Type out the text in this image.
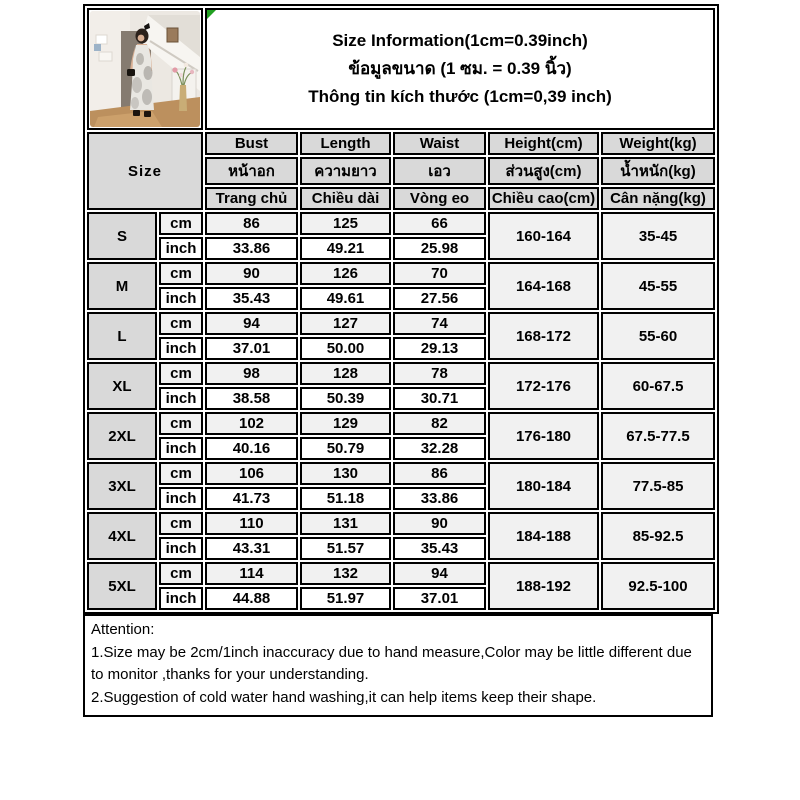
Size Information(1cm=0.39inch)
ข้อมูลขนาด (1 ซม. = 0.39 นิ้ว)
Thông tin kích thước (1cm=0,39 inch)				

Size		Bust	Length	Waist	Height(cm)	Weight(kg)
		หน้าอก	ความยาว	เอว	ส่วนสูง(cm)	น้ำหนัก(kg)
		Trang chủ	Chiều dài	Vòng eo	Chiều cao(cm)	Cân nặng(kg)
S	cm	86	125	66	160-164	35-45
	inch	33.86	49.21	25.98		
M	cm	90	126	70	164-168	45-55
	inch	35.43	49.61	27.56		
L	cm	94	127	74	168-172	55-60
	inch	37.01	50.00	29.13		
XL	cm	98	128	78	172-176	60-67.5
	inch	38.58	50.39	30.71		
2XL	cm	102	129	82	176-180	67.5-77.5
	inch	40.16	50.79	32.28		
3XL	cm	106	130	86	180-184	77.5-85
	inch	41.73	51.18	33.86		
4XL	cm	110	131	90	184-188	85-92.5
	inch	43.31	51.57	35.43		
5XL	cm	114	132	94	188-192	92.5-100
	inch	44.88	51.97	37.01		
Attention:
1.Size may be 2cm/1inch inaccuracy due to hand measure,Color may be little different due to monitor ,thanks for your understanding.
2.Suggestion of cold water hand washing,it can help items keep their shape.
